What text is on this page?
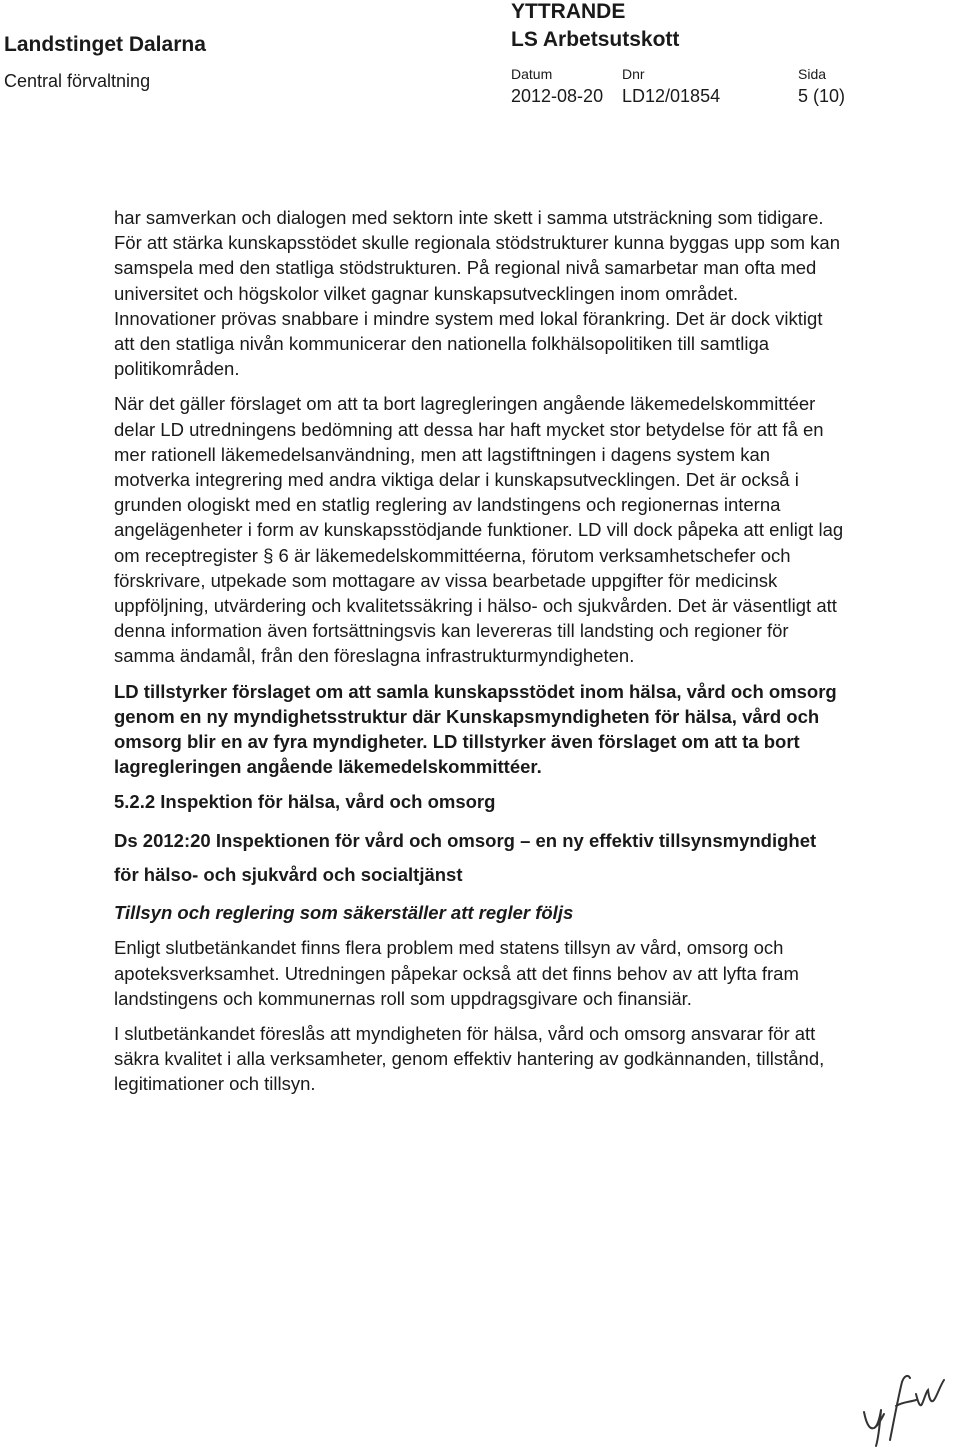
Landstinget Dalarna
Central förvaltning
YTTRANDE
LS Arbetsutskott
Datum	Dnr	Sida
2012-08-20 LD12/01854	5 (10)

har samverkan och dialogen med sektorn inte skett i samma utsträckning som tidigare. För att stärka kunskapsstödet skulle regionala stödstrukturer kunna byggas upp som kan samspela med den statliga stödstrukturen. På regional nivå samarbetar man ofta med universitet och högskolor vilket gagnar kunskapsutvecklingen inom området. Innovationer prövas snabbare i mindre system med lokal förankring. Det är dock viktigt att den statliga nivån kommunicerar den nationella folkhälsopolitiken till samtliga politikområden.

När det gäller förslaget om att ta bort lagregleringen angående läkemedelskommittéer delar LD utredningens bedömning att dessa har haft mycket stor betydelse för att få en mer rationell läkemedelsanvändning, men att lagstiftningen i dagens system kan motverka integrering med andra viktiga delar i kunskapsutvecklingen. Det är också i grunden ologiskt med en statlig reglering av landstingens och regionernas interna angelägenheter i form av kunskapsstödjande funktioner. LD vill dock påpeka att enligt lag om receptregister § 6 är läkemedelskommittéerna, förutom verksamhetschefer och förskrivare, utpekade som mottagare av vissa bearbetade uppgifter för medicinsk uppföljning, utvärdering och kvalitetssäkring i hälso- och sjukvården. Det är väsentligt att denna information även fortsättningsvis kan levereras till landsting och regioner för samma ändamål, från den föreslagna infrastrukturmyndigheten.

LD tillstyrker förslaget om att samla kunskapsstödet inom hälsa, vård och omsorg genom en ny myndighetsstruktur där Kunskapsmyndigheten för hälsa, vård och omsorg blir en av fyra myndigheter. LD tillstyrker även förslaget om att ta bort lagregleringen angående läkemedelskommittéer.

5.2.2 Inspektion för hälsa, vård och omsorg
Ds 2012:20 Inspektionen för vård och omsorg – en ny effektiv tillsynsmyndighet för hälso- och sjukvård och socialtjänst
Tillsyn och reglering som säkerställer att regler följs

Enligt slutbetänkandet finns flera problem med statens tillsyn av vård, omsorg och apoteksverksamhet. Utredningen påpekar också att det finns behov av att lyfta fram landstingens och kommunernas roll som uppdragsgivare och finansiär.

I slutbetänkandet föreslås att myndigheten för hälsa, vård och omsorg ansvarar för att säkra kvalitet i alla verksamheter, genom effektiv hantering av godkännanden, tillstånd, legitimationer och tillsyn.
